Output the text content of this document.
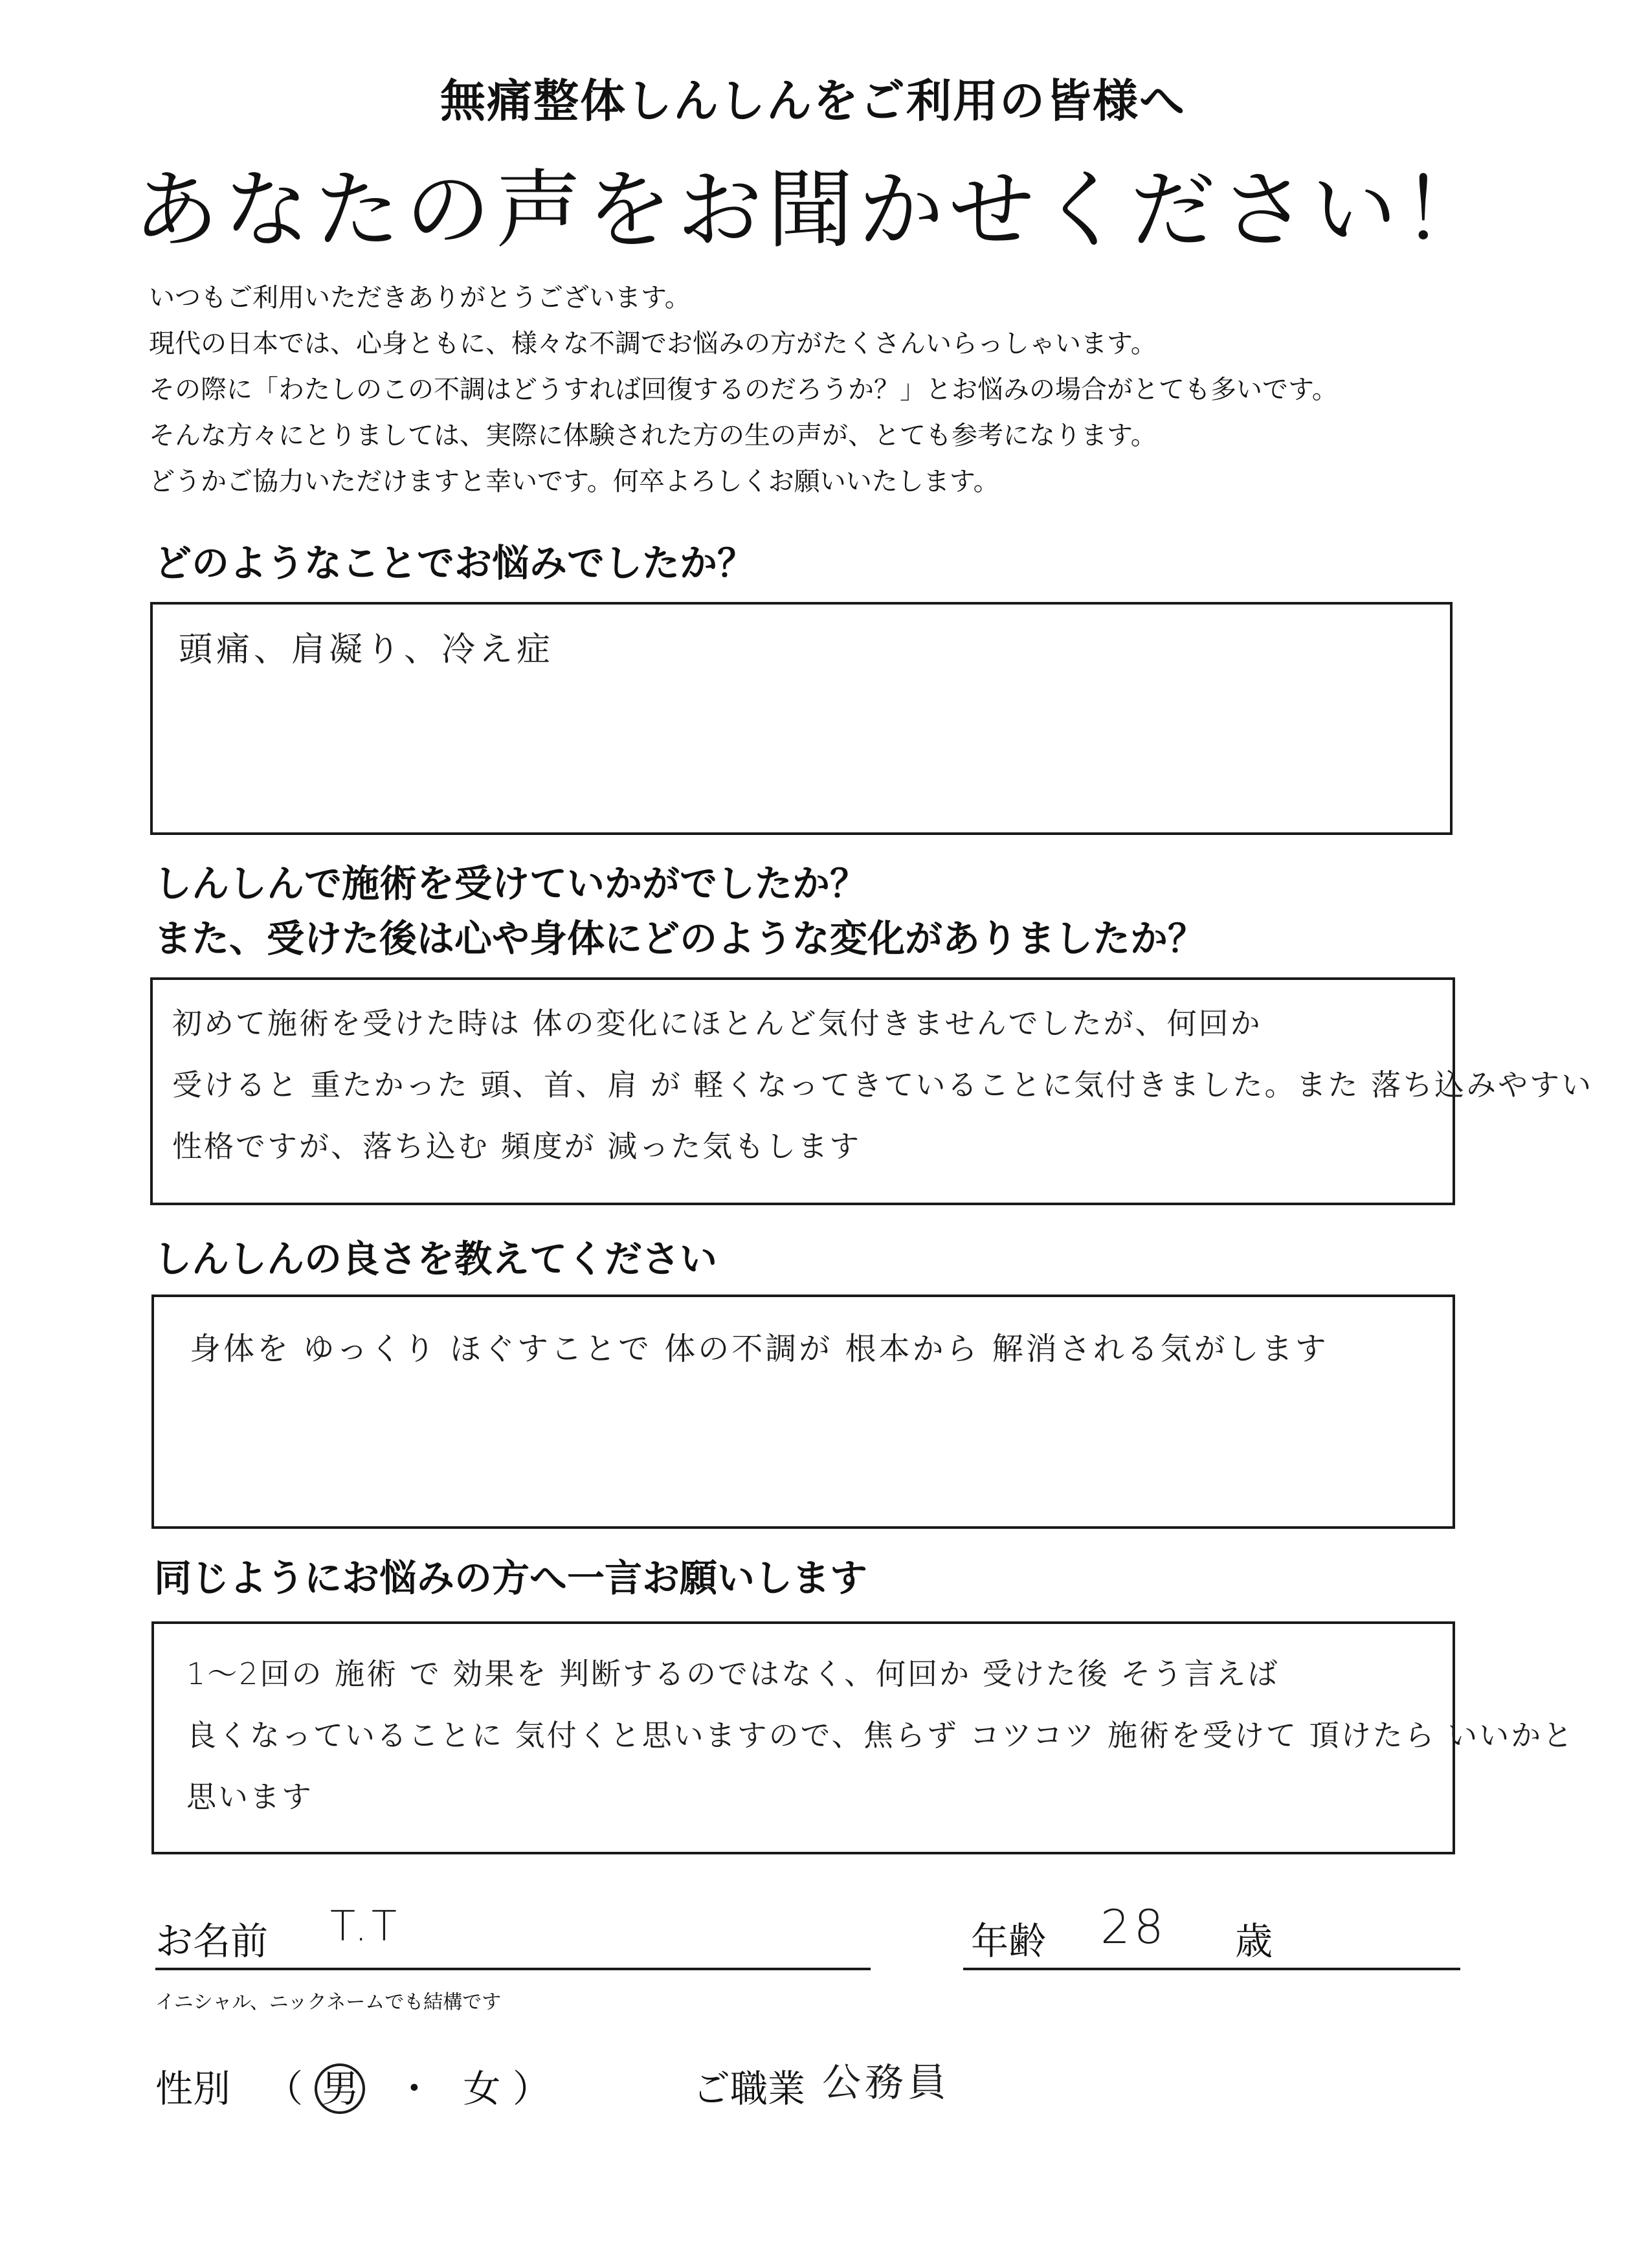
無痛整体しんしんをご利用の皆様へ
あなたの声をお聞かせください！
いつもご利用いただきありがとうございます。
現代の日本では、心身ともに、様々な不調でお悩みの方がたくさんいらっしゃいます。
その際に「わたしのこの不調はどうすれば回復するのだろうか？」とお悩みの場合がとても多いです。
そんな方々にとりましては、実際に体験された方の生の声が、とても参考になります。
どうかご協力いただけますと幸いです。何卒よろしくお願いいたします。
どのようなことでお悩みでしたか？
頭痛、肩凝り、冷え症
しんしんで施術を受けていかがでしたか？
また、受けた後は心や身体にどのような変化がありましたか？
初めて施術を受けた時は 体の変化にほとんど気付きませんでしたが、何回か
受けると 重たかった 頭、首、肩 が 軽くなってきていることに気付きました。また 落ち込みやすい
性格ですが、落ち込む 頻度が 減った気もします
しんしんの良さを教えてください
身体を ゆっくり ほぐすことで 体の不調が 根本から 解消される気がします
同じようにお悩みの方へ一言お願いします
1〜2回の 施術 で 効果を 判断するのではなく、何回か 受けた後 そう言えば
良くなっていることに 気付くと思いますので、焦らず コツコツ 施術を受けて 頂けたら いいかと
思います
お名前 T.T
イニシャル、ニックネームでも結構です
年齢 28 歳
性別 （ 男 ・ 女 ）	ご職業 公務員
